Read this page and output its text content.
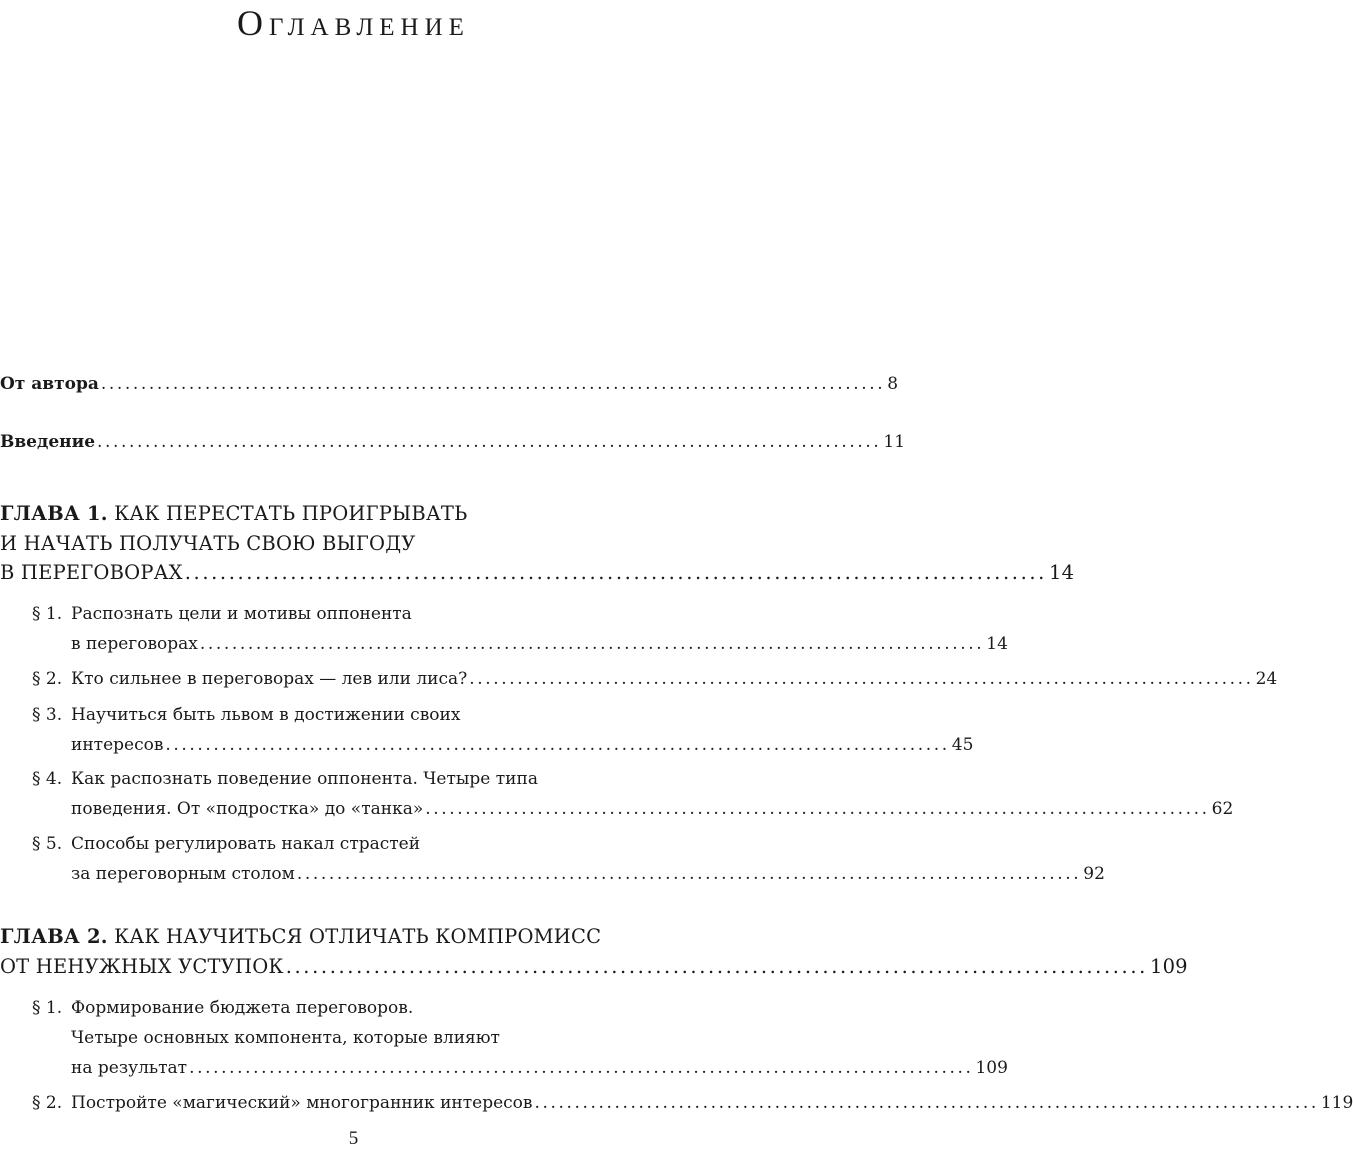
Оглавление
От автора .................................................................................................. 8
Введение .................................................................................................. 11
ГЛАВА 1. КАК ПЕРЕСТАТЬ ПРОИГРЫВАТЬ
И НАЧАТЬ ПОЛУЧАТЬ СВОЮ ВЫГОДУ
В ПЕРЕГОВОРАХ .................................................................................................. 14
§ 1. Распознать цели и мотивы оппонента
в переговорах .................................................................................................. 14
§ 2. Кто сильнее в переговорах — лев или лиса? .................................................................................................. 24
§ 3. Научиться быть львом в достижении своих
интересов .................................................................................................. 45
§ 4. Как распознать поведение оппонента. Четыре типа
поведения. От «подростка» до «танка» .................................................................................................. 62
§ 5. Способы регулировать накал страстей
за переговорным столом .................................................................................................. 92
ГЛАВА 2. КАК НАУЧИТЬСЯ ОТЛИЧАТЬ КОМПРОМИСС
ОТ НЕНУЖНЫХ УСТУПОК .................................................................................................. 109
§ 1. Формирование бюджета переговоров.
Четыре основных компонента, которые влияют
на результат .................................................................................................. 109
§ 2. Постройте «магический» многогранник интересов .................................................................................................. 119
5
